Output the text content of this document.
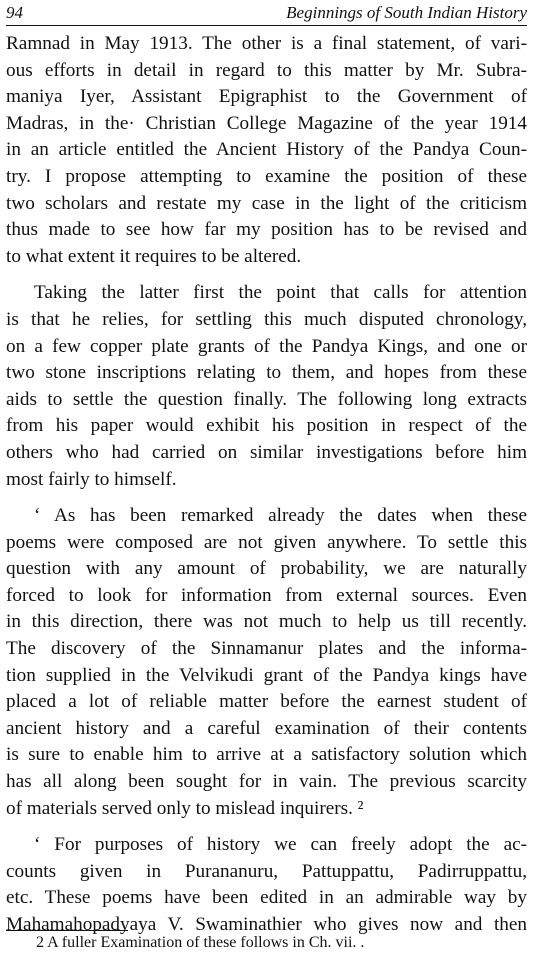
94	Beginnings of South Indian History
Ramnad in May 1913. The other is a final statement, of vari-
ous efforts in detail in regard to this matter by Mr. Subra-
maniya Iyer, Assistant Epigraphist to the Government of
Madras, in the· Christian College Magazine of the year 1914
in an article entitled the Ancient History of the Pandya Coun-
try. I propose attempting to examine the position of these
two scholars and restate my case in the light of the criticism
thus made to see how far my position has to be revised and
to what extent it requires to be altered.
Taking the latter first the point that calls for attention
is that he relies, for settling this much disputed chronology,
on a few copper plate grants of the Pandya Kings, and one or
two stone inscriptions relating to them, and hopes from these
aids to settle the question finally. The following long extracts
from his paper would exhibit his position in respect of the
others who had carried on similar investigations before him
most fairly to himself.
‘ As has been remarked already the dates when these
poems were composed are not given anywhere. To settle this
question with any amount of probability, we are naturally
forced to look for information from external sources. Even
in this direction, there was not much to help us till recently.
The discovery of the Sinnamanur plates and the informa-
tion supplied in the Velvikudi grant of the Pandya kings have
placed a lot of reliable matter before the earnest student of
ancient history and a careful examination of their contents
is sure to enable him to arrive at a satisfactory solution which
has all along been sought for in vain. The previous scarcity
of materials served only to mislead inquirers. ²
‘ For purposes of history we can freely adopt the ac-
counts given in Purananuru, Pattuppattu, Padirruppattu,
etc. These poems have been edited in an admirable way by
Mahamahopadyaya V. Swaminathier who gives now and then
2 A fuller Examination of these follows in Ch. vii. .
